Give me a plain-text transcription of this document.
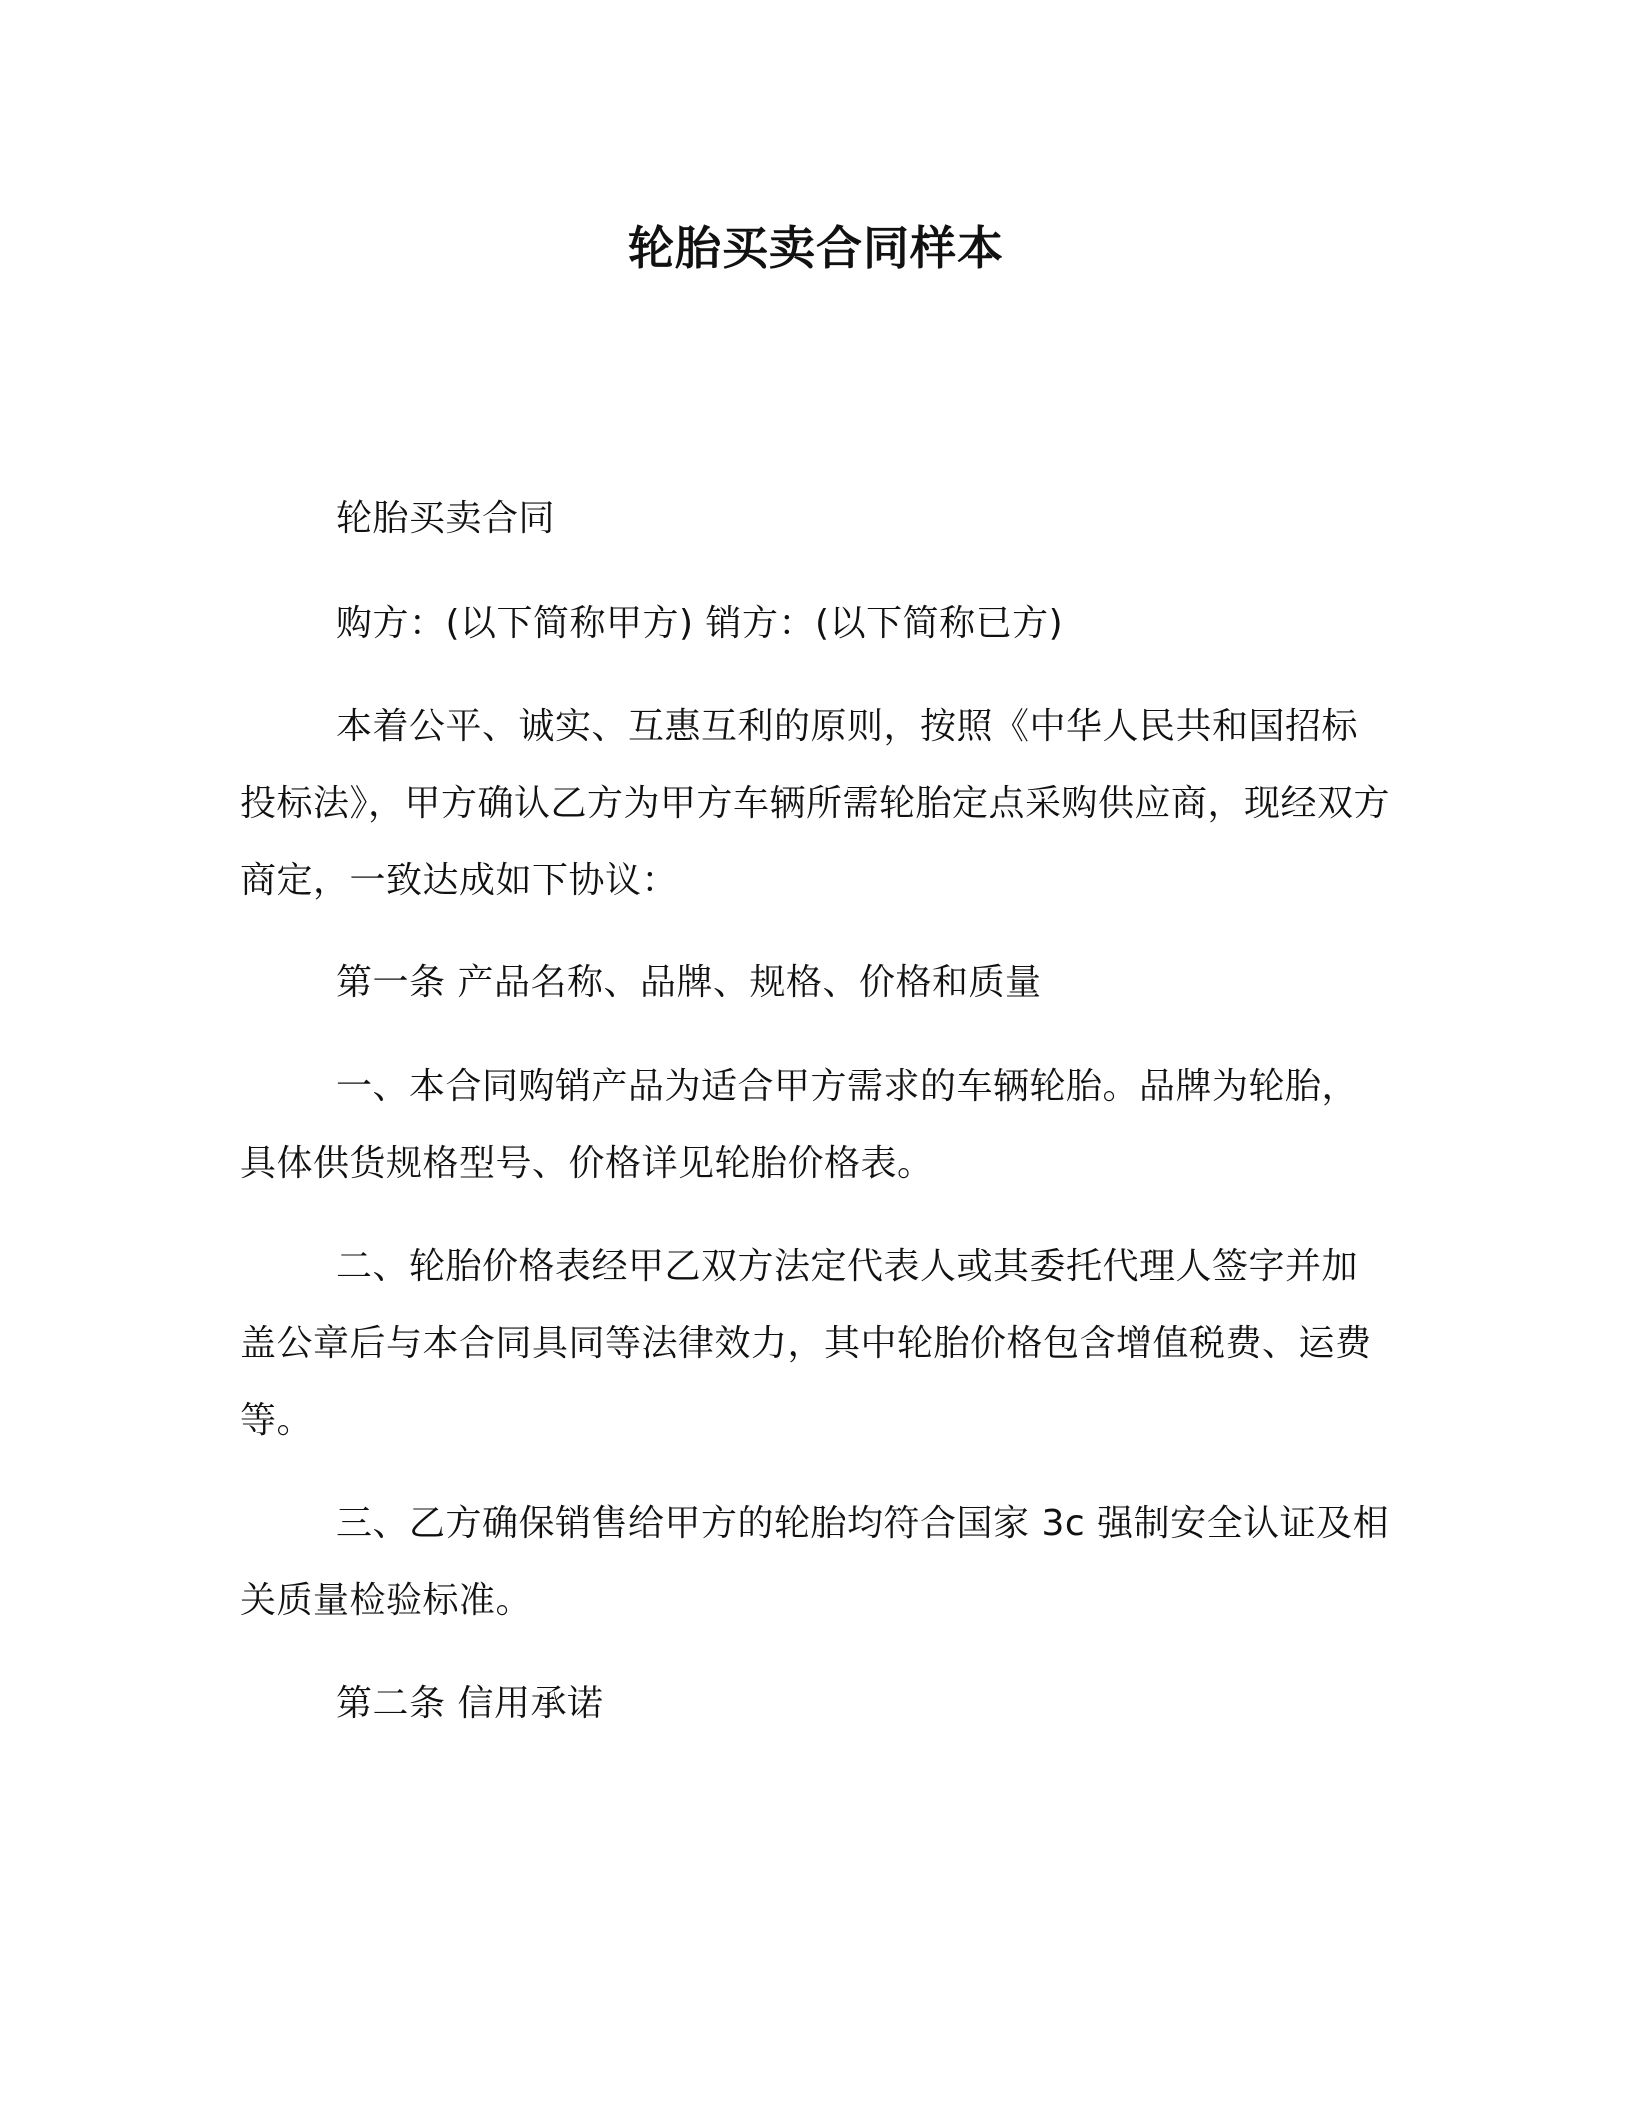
轮胎买卖合同样本
轮胎买卖合同
购方：(以下简称甲方) 销方：(以下简称已方)
本着公平、诚实、互惠互利的原则，按照《中华人民共和国招标投标法》，甲方确认乙方为甲方车辆所需轮胎定点采购供应商，现经双方商定，一致达成如下协议：
第一条 产品名称、品牌、规格、价格和质量
一、本合同购销产品为适合甲方需求的车辆轮胎。品牌为轮胎，具体供货规格型号、价格详见轮胎价格表。
二、轮胎价格表经甲乙双方法定代表人或其委托代理人签字并加盖公章后与本合同具同等法律效力，其中轮胎价格包含增值税费、运费等。
三、乙方确保销售给甲方的轮胎均符合国家 3c 强制安全认证及相关质量检验标准。
第二条 信用承诺
